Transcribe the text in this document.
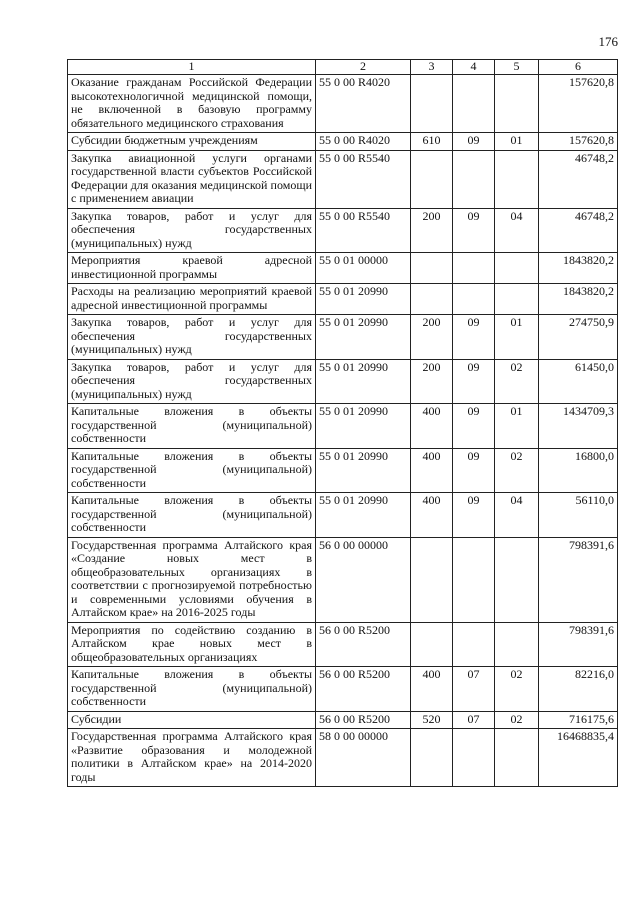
176
1	2	3	4	5	6
Оказание гражданам Российской Федерации высокотехнологичной медицинской помощи, не включенной в базовую программу обязательного медицинского страхования	55 0 00 R4020				157620,8
Субсидии бюджетным учреждениям	55 0 00 R4020	610	09	01	157620,8
Закупка авиационной услуги органами государственной власти субъектов Российской Федерации для оказания медицинской помощи с применением авиации	55 0 00 R5540				46748,2
Закупка товаров, работ и услуг для обеспечения государственных (муниципальных) нужд	55 0 00 R5540	200	09	04	46748,2
Мероприятия краевой адресной инвестиционной программы	55 0 01 00000				1843820,2
Расходы на реализацию мероприятий краевой адресной инвестиционной программы	55 0 01 20990				1843820,2
Закупка товаров, работ и услуг для обеспечения государственных (муниципальных) нужд	55 0 01 20990	200	09	01	274750,9
Закупка товаров, работ и услуг для обеспечения государственных (муниципальных) нужд	55 0 01 20990	200	09	02	61450,0
Капитальные вложения в объекты государственной (муниципальной) собственности	55 0 01 20990	400	09	01	1434709,3
Капитальные вложения в объекты государственной (муниципальной) собственности	55 0 01 20990	400	09	02	16800,0
Капитальные вложения в объекты государственной (муниципальной) собственности	55 0 01 20990	400	09	04	56110,0
Государственная программа Алтайского края «Создание новых мест в общеобразовательных организациях в соответствии с прогнозируемой потребностью и современными условиями обучения в Алтайском крае» на 2016-2025 годы	56 0 00 00000				798391,6
Мероприятия по содействию созданию в Алтайском крае новых мест в общеобразовательных организациях	56 0 00 R5200				798391,6
Капитальные вложения в объекты государственной (муниципальной) собственности	56 0 00 R5200	400	07	02	82216,0
Субсидии	56 0 00 R5200	520	07	02	716175,6
Государственная программа Алтайского края «Развитие образования и молодежной политики в Алтайском крае» на 2014-2020 годы	58 0 00 00000				16468835,4
